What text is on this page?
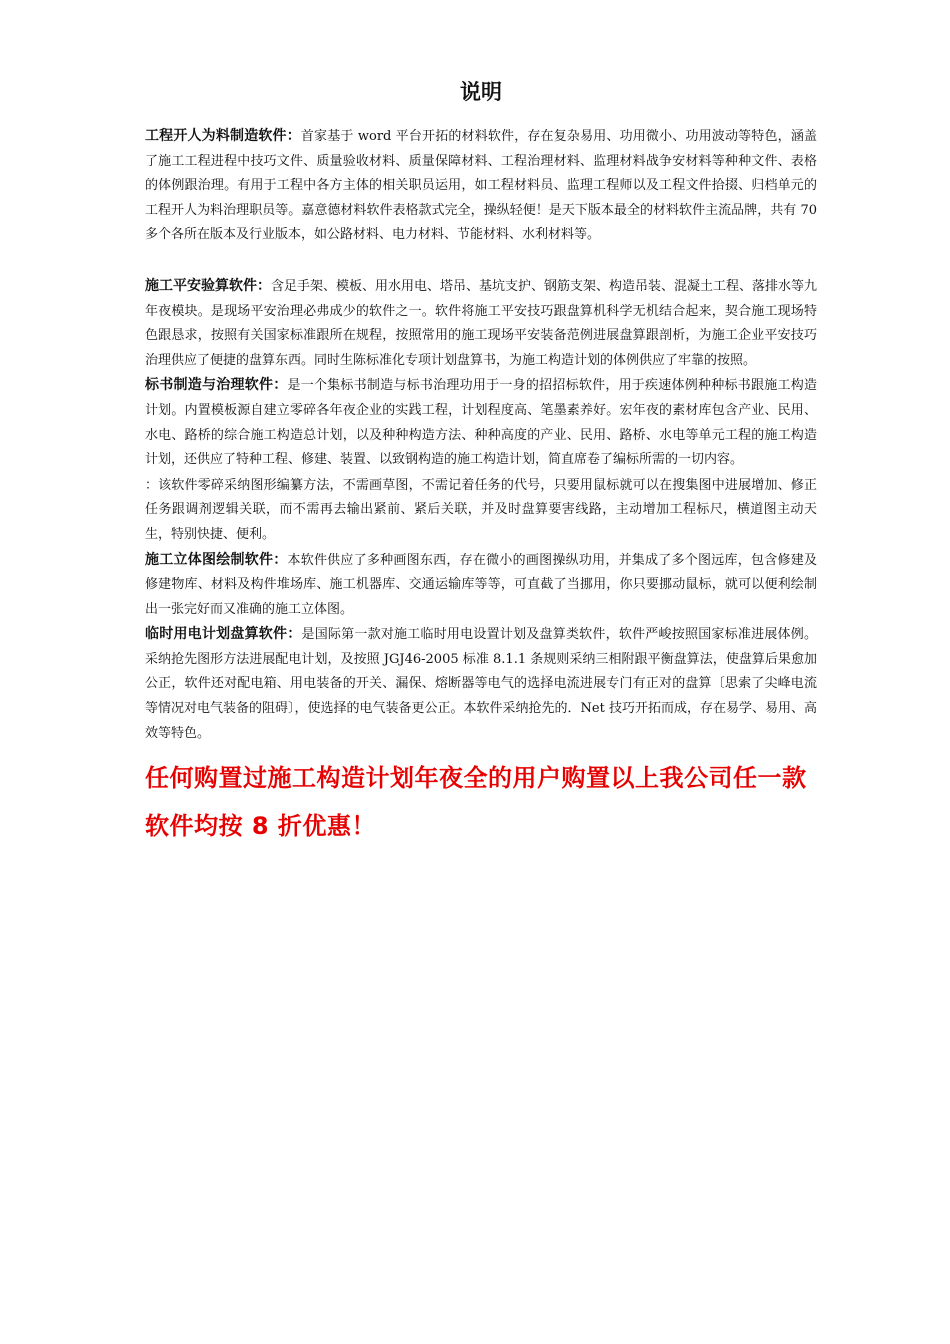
说明

工程开人为料制造软件：首家基于 word 平台开拓的材料软件，存在复杂易用、功用微小、功用波动等特色，涵盖了施工工程进程中技巧文件、质量验收材料、质量保障材料、工程治理材料、监理材料战争安材料等种种文件、表格的体例跟治理。有用于工程中各方主体的相关职员运用，如工程材料员、监理工程师以及工程文件拾掇、归档单元的工程开人为料治理职员等。嘉意德材料软件表格款式完全，操纵轻便！是天下版本最全的材料软件主流品牌，共有 70 多个各所在版本及行业版本，如公路材料、电力材料、节能材料、水利材料等。

施工平安验算软件：含足手架、模板、用水用电、塔吊、基坑支护、钢筋支架、构造吊装、混凝土工程、落排水等九年夜模块。是现场平安治理必弗成少的软件之一。软件将施工平安技巧跟盘算机科学无机结合起来，契合施工现场特色跟恳求，按照有关国家标准跟所在规程，按照常用的施工现场平安装备范例进展盘算跟剖析，为施工企业平安技巧治理供应了便捷的盘算东西。同时生陈标准化专项计划盘算书，为施工构造计划的体例供应了牢靠的按照。

标书制造与治理软件：是一个集标书制造与标书治理功用于一身的招招标软件，用于疾速体例种种标书跟施工构造计划。内置模板源自建立零碎各年夜企业的实践工程，计划程度高、笔墨素养好。宏年夜的素材库包含产业、民用、水电、路桥的综合施工构造总计划，以及种种构造方法、种种高度的产业、民用、路桥、水电等单元工程的施工构造计划，还供应了特种工程、修建、装置、以致钢构造的施工构造计划，简直席卷了编标所需的一切内容。

：该软件零碎采纳图形编纂方法，不需画草图，不需记着任务的代号，只要用鼠标就可以在搜集图中进展增加、修正任务跟调剂逻辑关联，而不需再去输出紧前、紧后关联，并及时盘算要害线路，主动增加工程标尺，横道图主动天生，特别快捷、便利。

施工立体图绘制软件：本软件供应了多种画图东西，存在微小的画图操纵功用，并集成了多个图远库，包含修建及修建物库、材料及构件堆场库、施工机器库、交通运输库等等，可直截了当挪用，你只要挪动鼠标，就可以便利绘制出一张完好而又准确的施工立体图。

临时用电计划盘算软件：是国际第一款对施工临时用电设置计划及盘算类软件，软件严峻按照国家标准进展体例。采纳抢先图形方法进展配电计划，及按照 JGJ46-2005 标准 8.1.1 条规则采纳三相附跟平衡盘算法，使盘算后果愈加公正，软件还对配电箱、用电装备的开关、漏保、熔断器等电气的选择电流进展专门有正对的盘算〔思索了尖峰电流等情况对电气装备的阻碍〕，使选择的电气装备更公正。本软件采纳抢先的．Net 技巧开拓而成，存在易学、易用、高效等特色。

任何购置过施工构造计划年夜全的用户购置以上我公司任一款软件均按 8 折优惠！
